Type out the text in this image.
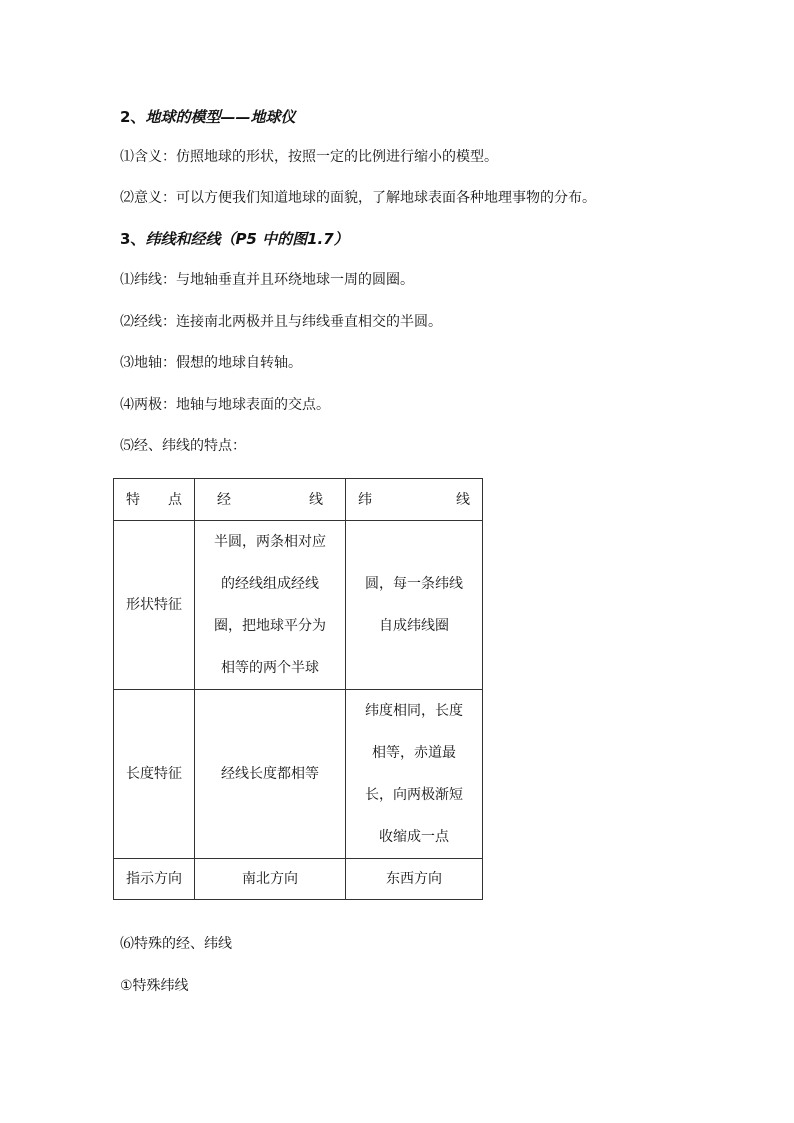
2、地球的模型——地球仪
⑴含义：仿照地球的形状，按照一定的比例进行缩小的模型。
⑵意义：可以方便我们知道地球的面貌，了解地球表面各种地理事物的分布。
3、纬线和经线（P5 中的图1.7）
⑴纬线：与地轴垂直并且环绕地球一周的圆圈。
⑵经线：连接南北两极并且与纬线垂直相交的半圆。
⑶地轴：假想的地球自转轴。
⑷两极：地轴与地球表面的交点。
⑸经、纬线的特点：
特 点	经 线	纬 线

形状特征	半圆，两条相对应
的经线组成经线
圈，把地球平分为
相等的两个半球	圆，每一条纬线
自成纬线圈

长度特征	经线长度都相等	纬度相同，长度
相等，赤道最
长，向两极渐短
收缩成一点

指示方向	南北方向	东西方向
⑹特殊的经、纬线
①特殊纬线
